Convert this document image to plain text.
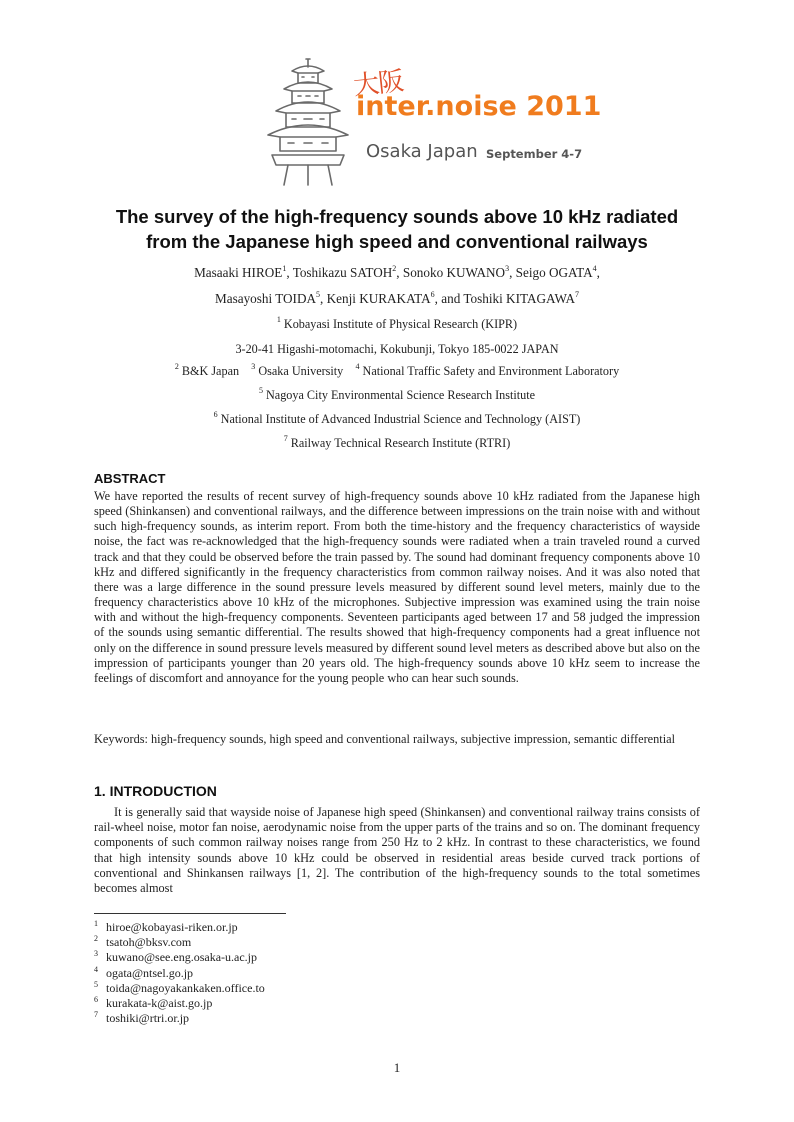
大阪
inter.noise 2011
Osaka Japan September 4-7
The survey of the high-frequency sounds above 10 kHz radiated
from the Japanese high speed and conventional railways
Masaaki HIROE$^1$, Toshikazu SATOH$^2$, Sonoko KUWANO$^3$, Seigo OGATA$^4$,
Masayoshi TOIDA$^5$, Kenji KURAKATA$^6$, and Toshiki KITAGAWA$^7$
$^1$ Kobayasi Institute of Physical Research (KIPR)
3-20-41 Higashi-motomachi, Kokubunji, Tokyo 185-0022 JAPAN
$^2$ B&K Japan $^3$ Osaka University $^4$ National Traffic Safety and Environment Laboratory
$^5$ Nagoya City Environmental Science Research Institute
$^6$ National Institute of Advanced Industrial Science and Technology (AIST)
$^7$ Railway Technical Research Institute (RTRI)
ABSTRACT
We have reported the results of recent survey of high-frequency sounds above 10 kHz radiated from the Japanese high speed (Shinkansen) and conventional railways, and the difference between impressions on the train noise with and without such high-frequency sounds, as interim report. From both the time-history and the frequency characteristics of wayside noise, the fact was re-acknowledged that the high-frequency sounds were radiated when a train traveled round a curved track and that they could be observed before the train passed by. The sound had dominant frequency components above 10 kHz and differed significantly in the frequency characteristics from common railway noises. And it was also noted that there was a large difference in the sound pressure levels measured by different sound level meters, mainly due to the frequency characteristics above 10 kHz of the microphones. Subjective impression was examined using the train noise with and without the high-frequency components. Seventeen participants aged between 17 and 58 judged the impression of the sounds using semantic differential. The results showed that high-frequency components had a great influence not only on the difference in sound pressure levels measured by different sound level meters as described above but also on the impression of participants younger than 20 years old. The high-frequency sounds above 10 kHz seem to increase the feelings of discomfort and annoyance for the young people who can hear such sounds.
Keywords: high-frequency sounds, high speed and conventional railways, subjective impression, semantic differential
1. INTRODUCTION
It is generally said that wayside noise of Japanese high speed (Shinkansen) and conventional railway trains consists of rail-wheel noise, motor fan noise, aerodynamic noise from the upper parts of the trains and so on. The dominant frequency components of such common railway noises range from 250 Hz to 2 kHz. In contrast to these characteristics, we found that high intensity sounds above 10 kHz could be observed in residential areas beside curved track portions of conventional and Shinkansen railways [1, 2]. The contribution of the high-frequency sounds to the total sometimes becomes almost
$^1$ hiroe@kobayasi-riken.or.jp
$^2$ tsatoh@bksv.com
$^3$ kuwano@see.eng.osaka-u.ac.jp
$^4$ ogata@ntsel.go.jp
$^5$ toida@nagoyakankaken.office.to
$^6$ kurakata-k@aist.go.jp
$^7$ toshiki@rtri.or.jp
1
